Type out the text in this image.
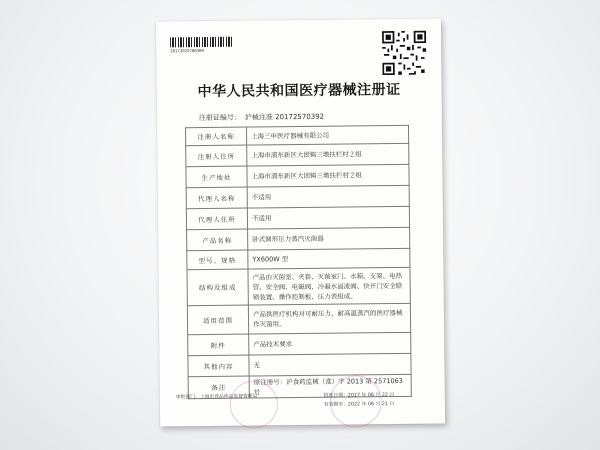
20172025700369
中华人民共和国医疗器械注册证
注册证编号： 沪械注准 20172570392
注册人名称	上海三申医疗器械有限公司
注册人住所	上海市浦东新区大团镇三墩扶栏村２组
生产地址	上海市浦东新区大团镇三墩扶栏村２组
代理人名称	不适用
代理人住所	不适用
产品名称	卧式圆形压力蒸汽灭菌器
型号、规格	YX600W 型
结构及组成	产品由灭菌室、夹套、灭菌室门、水箱、支架、电热管、安全阀、电磁阀、冷凝水溢流阀、快开门安全联锁装置、操作控制板、压力表组成。
适用范围	产品供医疗机构对可耐压力、耐高温蒸汽的医疗器械作灭菌用。
附件	产品技术要求
其他内容	无
备注	原注册号：沪食药监械（准）字 2013 第 2571063 号
审批部门：上海市食品药品监督管理局	批准日期：2017 年 06 月 22 日
有效期至：2022 年 06 月 21 日
